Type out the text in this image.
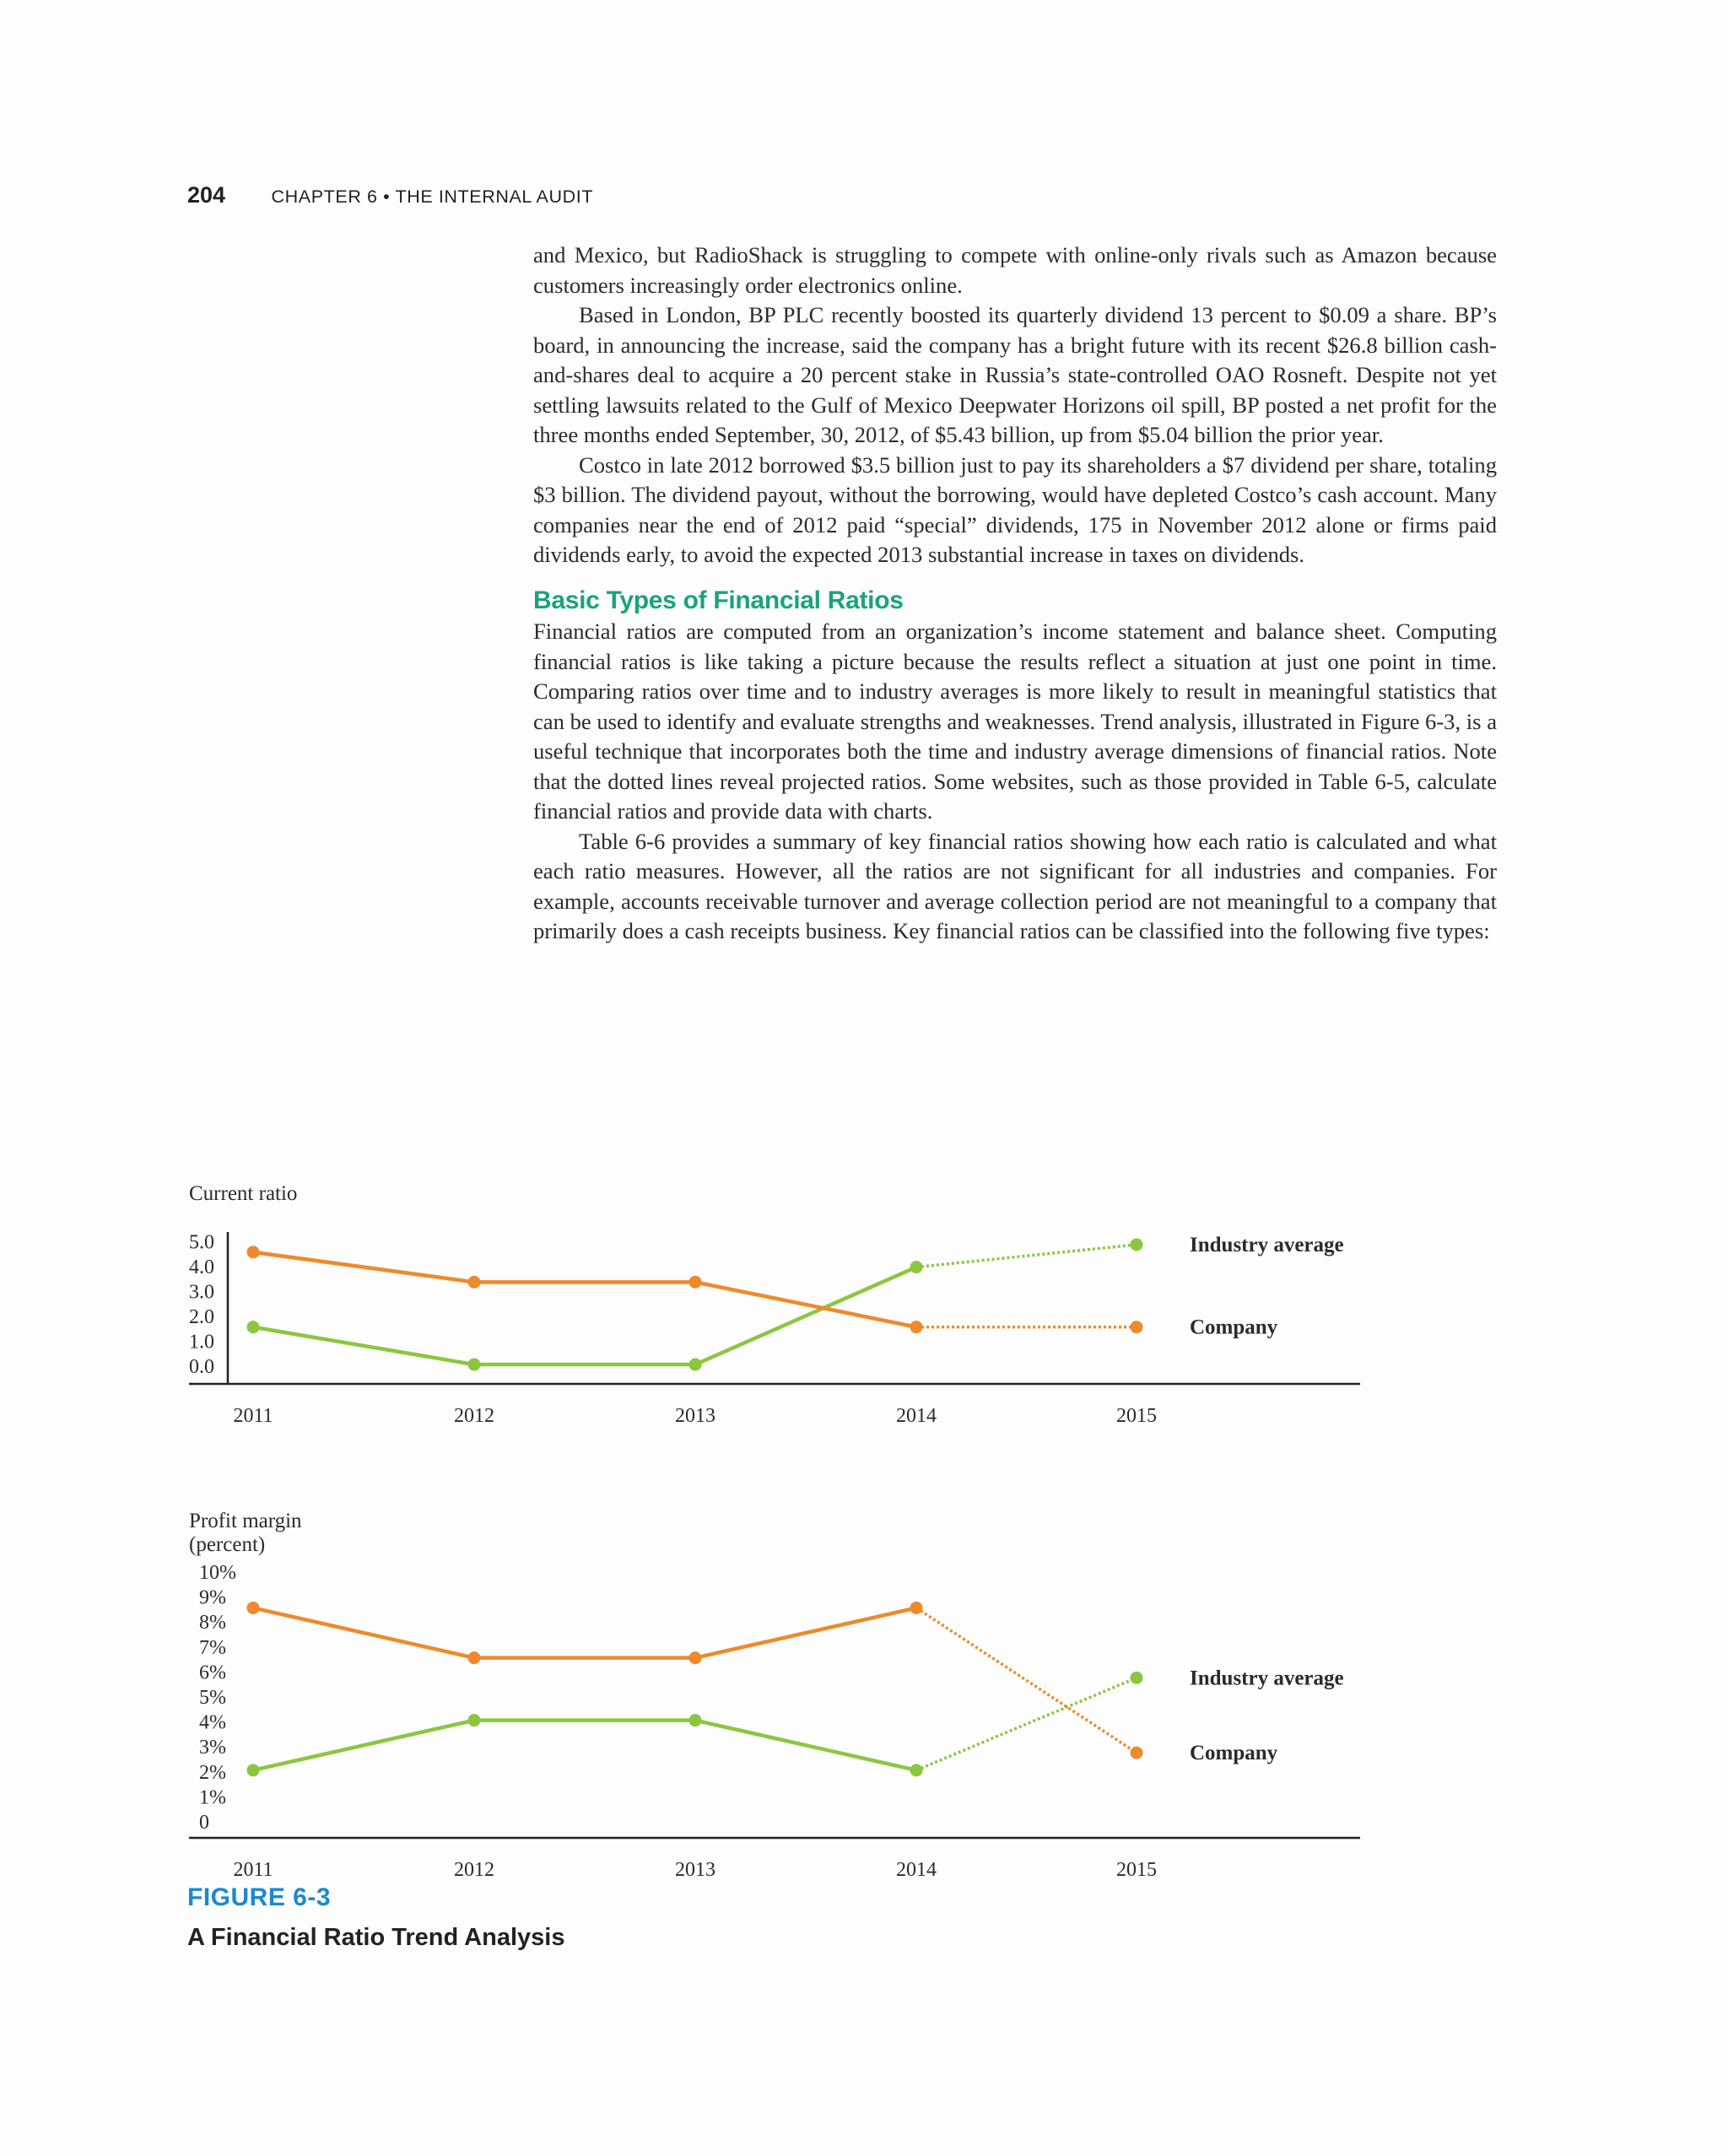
204	CHAPTER 6 • THE INTERNAL AUDIT

and Mexico, but RadioShack is struggling to compete with online-only rivals such as Amazon because customers increasingly order electronics online.

Based in London, BP PLC recently boosted its quarterly dividend 13 percent to $0.09 a share. BP’s board, in announcing the increase, said the company has a bright future with its recent $26.8 billion cash-and-shares deal to acquire a 20 percent stake in Russia’s state-controlled OAO Rosneft. Despite not yet settling lawsuits related to the Gulf of Mexico Deepwater Horizons oil spill, BP posted a net profit for the three months ended September, 30, 2012, of $5.43 billion, up from $5.04 billion the prior year.

Costco in late 2012 borrowed $3.5 billion just to pay its shareholders a $7 dividend per share, totaling $3 billion. The dividend payout, without the borrowing, would have depleted Costco’s cash account. Many companies near the end of 2012 paid “special” dividends, 175 in November 2012 alone or firms paid dividends early, to avoid the expected 2013 substantial increase in taxes on dividends.

Basic Types of Financial Ratios

Financial ratios are computed from an organization’s income statement and balance sheet. Computing financial ratios is like taking a picture because the results reflect a situation at just one point in time. Comparing ratios over time and to industry averages is more likely to result in meaningful statistics that can be used to identify and evaluate strengths and weaknesses. Trend analysis, illustrated in Figure 6-3, is a useful technique that incorporates both the time and industry average dimensions of financial ratios. Note that the dotted lines reveal projected ratios. Some websites, such as those provided in Table 6-5, calculate financial ratios and provide data with charts.

Table 6-6 provides a summary of key financial ratios showing how each ratio is calculated and what each ratio measures. However, all the ratios are not significant for all industries and companies. For example, accounts receivable turnover and average collection period are not meaningful to a company that primarily does a cash receipts business. Key financial ratios can be classified into the following five types:

Current ratio
0.0
1.0
2.0
3.0
4.0
5.0
2011	2012	2013	2014	2015
Industry average
Company
Profit margin
(percent)
0
1%
2%
3%
4%
5%
6%
7%
8%
9%
10%
2011	2012	2013	2014	2015
Industry average
Company
FIGURE 6-3
A Financial Ratio Trend Analysis
